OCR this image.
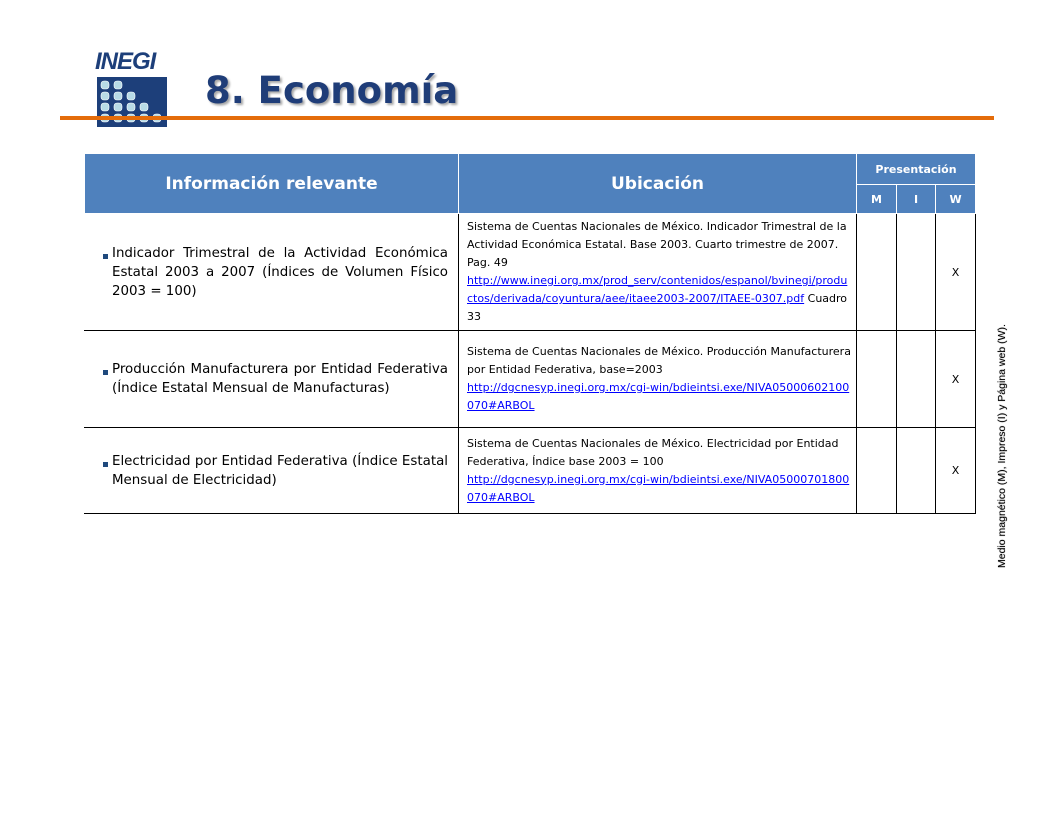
INEGI
8. Economía
Información relevante	Ubicación	Presentación		
		M	I	W

Indicador Trimestral de la Actividad Económica Estatal 2003 a 2007 (Índices de Volumen Físico 2003 = 100)	Sistema de Cuentas Nacionales de México. Indicador Trimestral de la Actividad Económica Estatal. Base 2003. Cuarto trimestre de 2007. Pag. 49
http://www.inegi.org.mx/prod_serv/contenidos/espanol/bvinegi/productos/derivada/coyuntura/aee/itaee2003-2007/ITAEE-0307.pdf Cuadro 33			X

Producción Manufacturera por Entidad Federativa (Índice Estatal Mensual de Manufacturas)	Sistema de Cuentas Nacionales de México. Producción Manufacturera por Entidad Federativa, base=2003
http://dgcnesyp.inegi.org.mx/cgi-win/bdieintsi.exe/NIVA05000602100070#ARBOL			X

Electricidad por Entidad Federativa (Índice Estatal Mensual de Electricidad)	Sistema de Cuentas Nacionales de México. Electricidad por Entidad Federativa, Índice base 2003 = 100
http://dgcnesyp.inegi.org.mx/cgi-win/bdieintsi.exe/NIVA05000701800070#ARBOL			X	Medio magnético (M), Impreso (I) y Página web (W).
